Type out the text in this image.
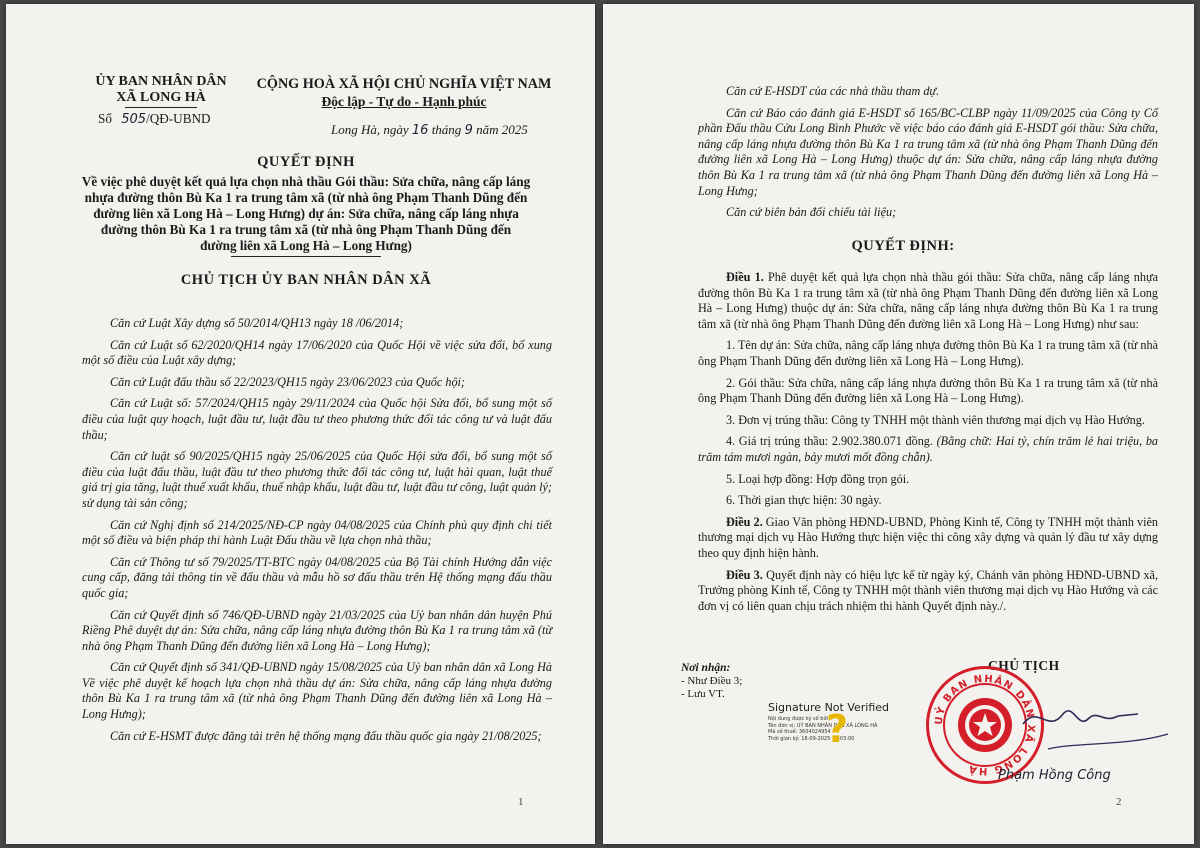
ỦY BAN NHÂN DÂN
XÃ LONG HÀ
Số 505/QĐ-UBND
CỘNG HOÀ XÃ HỘI CHỦ NGHĨA VIỆT NAM
Độc lập - Tự do - Hạnh phúc
Long Hà, ngày 16 tháng 9 năm 2025
QUYẾT ĐỊNH
Về việc phê duyệt kết quả lựa chọn nhà thầu Gói thầu: Sửa chữa, nâng cấp láng
nhựa đường thôn Bù Ka 1 ra trung tâm xã (từ nhà ông Phạm Thanh Dũng đến
đường liên xã Long Hà – Long Hưng) dự án: Sửa chữa, nâng cấp láng nhựa
đường thôn Bù Ka 1 ra trung tâm xã (từ nhà ông Phạm Thanh Dũng đến
đường liên xã Long Hà – Long Hưng)
CHỦ TỊCH ỦY BAN NHÂN DÂN XÃ

Căn cứ Luật Xây dựng số 50/2014/QH13 ngày 18 /06/2014;

Căn cứ Luật số 62/2020/QH14 ngày 17/06/2020 của Quốc Hội về việc sửa đổi, bổ xung một số điều của Luật xây dựng;

Căn cứ Luật đấu thầu số 22/2023/QH15 ngày 23/06/2023 của Quốc hội;

Căn cứ Luật số: 57/2024/QH15 ngày 29/11/2024 của Quốc hội Sửa đổi, bổ sung một số điều của luật quy hoạch, luật đầu tư, luật đầu tư theo phương thức đối tác công tư và luật đấu thầu;

Căn cứ luật số 90/2025/QH15 ngày 25/06/2025 của Quốc Hội sửa đổi, bổ sung một số điều của luật đấu thầu, luật đầu tư theo phương thức đối tác công tư, luật hải quan, luật thuế giá trị gia tăng, luật thuế xuất khẩu, thuế nhập khẩu, luật đầu tư, luật đầu tư công, luật quản lý; sử dụng tài sản công;

Căn cứ Nghị định số 214/2025/NĐ-CP ngày 04/08/2025 của Chính phủ quy định chi tiết một số điều và biện pháp thi hành Luật Đấu thầu về lựa chọn nhà thầu;

Căn cứ Thông tư số 79/2025/TT-BTC ngày 04/08/2025 của Bộ Tài chính Hướng dẫn việc cung cấp, đăng tải thông tin về đấu thầu và mẫu hồ sơ đấu thầu trên Hệ thống mạng đấu thầu quốc gia;

Căn cứ Quyết định số 746/QĐ-UBND ngày 21/03/2025 của Uỷ ban nhân dân huyện Phú Riềng Phê duyệt dự án: Sửa chữa, nâng cấp láng nhựa đường thôn Bù Ka 1 ra trung tâm xã (từ nhà ông Phạm Thanh Dũng đến đường liên xã Long Hà – Long Hưng);

Căn cứ Quyết định số 341/QĐ-UBND ngày 15/08/2025 của Uỷ ban nhân dân xã Long Hà Về việc phê duyệt kế hoạch lựa chọn nhà thầu dự án: Sửa chữa, nâng cấp láng nhựa đường thôn Bù Ka 1 ra trung tâm xã (từ nhà ông Phạm Thanh Dũng đến đường liên xã Long Hà – Long Hưng);

Căn cứ E-HSMT được đăng tải trên hệ thống mạng đấu thầu quốc gia ngày 21/08/2025;

1

Căn cứ E-HSDT của các nhà thầu tham dự.

Căn cứ Báo cáo đánh giá E-HSDT số 165/BC-CLBP ngày 11/09/2025 của Công ty Cổ phần Đấu thầu Cửu Long Bình Phước về việc báo cáo đánh giá E-HSDT gói thầu: Sửa chữa, nâng cấp láng nhựa đường thôn Bù Ka 1 ra trung tâm xã (từ nhà ông Phạm Thanh Dũng đến đường liên xã Long Hà – Long Hưng) thuộc dự án: Sửa chữa, nâng cấp láng nhựa đường thôn Bù Ka 1 ra trung tâm xã (từ nhà ông Phạm Thanh Dũng đến đường liên xã Long Hà – Long Hưng;

Căn cứ biên bản đối chiếu tài liệu;

QUYẾT ĐỊNH:

Điều 1. Phê duyệt kết quả lựa chọn nhà thầu gói thầu: Sửa chữa, nâng cấp láng nhựa đường thôn Bù Ka 1 ra trung tâm xã (từ nhà ông Phạm Thanh Dũng đến đường liên xã Long Hà – Long Hưng) thuộc dự án: Sửa chữa, nâng cấp láng nhựa đường thôn Bù Ka 1 ra trung tâm xã (từ nhà ông Phạm Thanh Dũng đến đường liên xã Long Hà – Long Hưng) như sau:

1. Tên dự án: Sửa chữa, nâng cấp láng nhựa đường thôn Bù Ka 1 ra trung tâm xã (từ nhà ông Phạm Thanh Dũng đến đường liên xã Long Hà – Long Hưng).

2. Gói thầu: Sửa chữa, nâng cấp láng nhựa đường thôn Bù Ka 1 ra trung tâm xã (từ nhà ông Phạm Thanh Dũng đến đường liên xã Long Hà – Long Hưng).

3. Đơn vị trúng thầu: Công ty TNHH một thành viên thương mại dịch vụ Hào Hướng.

4. Giá trị trúng thầu: 2.902.380.071 đồng. (Bằng chữ: Hai tỷ, chín trăm lẻ hai triệu, ba trăm tám mươi ngàn, bảy mươi mốt đồng chẵn).

5. Loại hợp đồng: Hợp đồng trọn gói.

6. Thời gian thực hiện: 30 ngày.

Điều 2. Giao Văn phòng HĐND-UBND, Phòng Kinh tế, Công ty TNHH một thành viên thương mại dịch vụ Hào Hướng thực hiện việc thi công xây dựng và quản lý đầu tư xây dựng theo quy định hiện hành.

Điều 3. Quyết định này có hiệu lực kể từ ngày ký, Chánh văn phòng HĐND-UBND xã, Trưởng phòng Kinh tế, Công ty TNHH một thành viên thương mại dịch vụ Hào Hướng và các đơn vị có liên quan chịu trách nhiệm thi hành Quyết định này./.

Nơi nhận:
- Như Điều 3;
- Lưu VT.
Signature Not Verified
Nội dung được ký số bởi
Tên đơn vị: UỶ BAN NHÂN DÂN XÃ LONG HÀ
Mã số thuế: 3604024954
Thời gian ký: 18-09-2025 10:03:00
?
CHỦ TỊCH
UỶ BAN NHÂN DÂN XÃ LONG HÀ	Phạm Hồng Công
2
